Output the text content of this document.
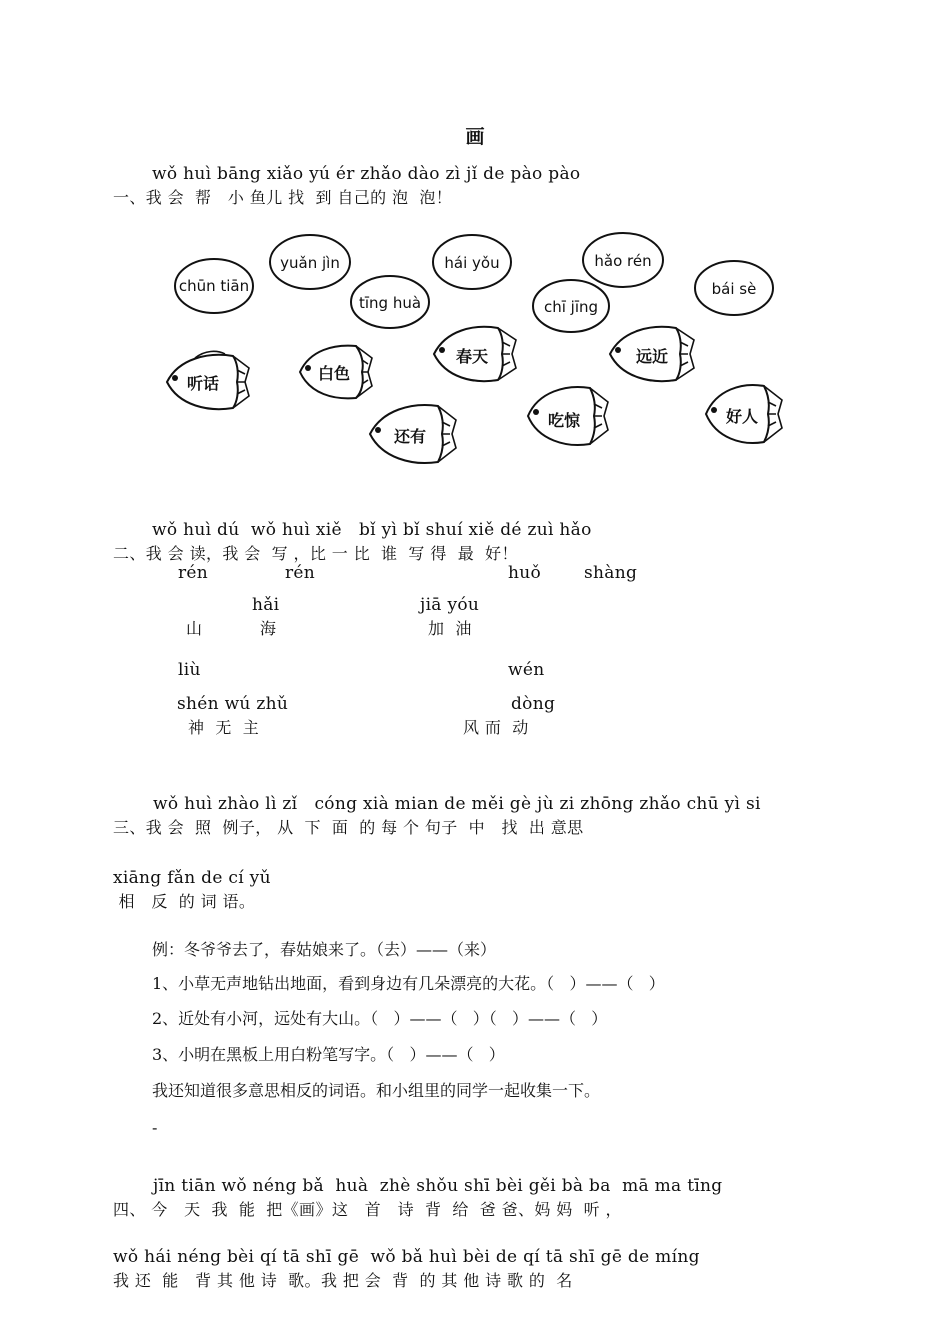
画
wǒ huì bāng xiǎo yú ér zhǎo dào zì jǐ de pào pào
一、我 会  帮   小 鱼儿 找  到 自己的 泡  泡！
chūn tiān
yuǎn jìn
tīng huà
hái yǒu
chī jīng
hǎo rén
bái sè
听话
白色
春天
还有
吃惊
远近
好人
wǒ huì dú  wǒ huì xiě   bǐ yì bǐ shuí xiě dé zuì hǎo
二、我 会 读，我 会  写 ，比 一 比  谁  写 得  最  好！
rén	rén	huǒ	shàng
hǎi	jiā yóu
山	海	加  油
liù	wén
shén wú zhǔ	dòng
神  无  主	风 而  动
wǒ huì zhào lì zǐ   cóng xià mian de měi gè jù zi zhōng zhǎo chū yì si
三、我 会  照  例子， 从  下  面  的 每 个 句子  中   找  出 意思
xiāng fǎn de cí yǔ
相   反  的 词 语。
例：冬爷爷去了，春姑娘来了。（去）——（来）
1、小草无声地钻出地面，看到身边有几朵漂亮的大花。（   ）——（   ）
2、近处有小河，远处有大山。（   ）——（   ）（   ）——（   ）
3、小明在黑板上用白粉笔写字。（   ）——（   ）
我还知道很多意思相反的词语。和小组里的同学一起收集一下。
-
jīn tiān wǒ néng bǎ  huà  zhè shǒu shī bèi gěi bà ba  mā ma tīng
四、 今   天  我  能  把《画》这   首   诗  背  给  爸 爸、妈 妈  听 ，
wǒ hái néng bèi qí tā shī gē  wǒ bǎ huì bèi de qí tā shī gē de míng
我 还  能   背 其 他 诗  歌。我 把 会  背  的 其 他 诗 歌 的  名
